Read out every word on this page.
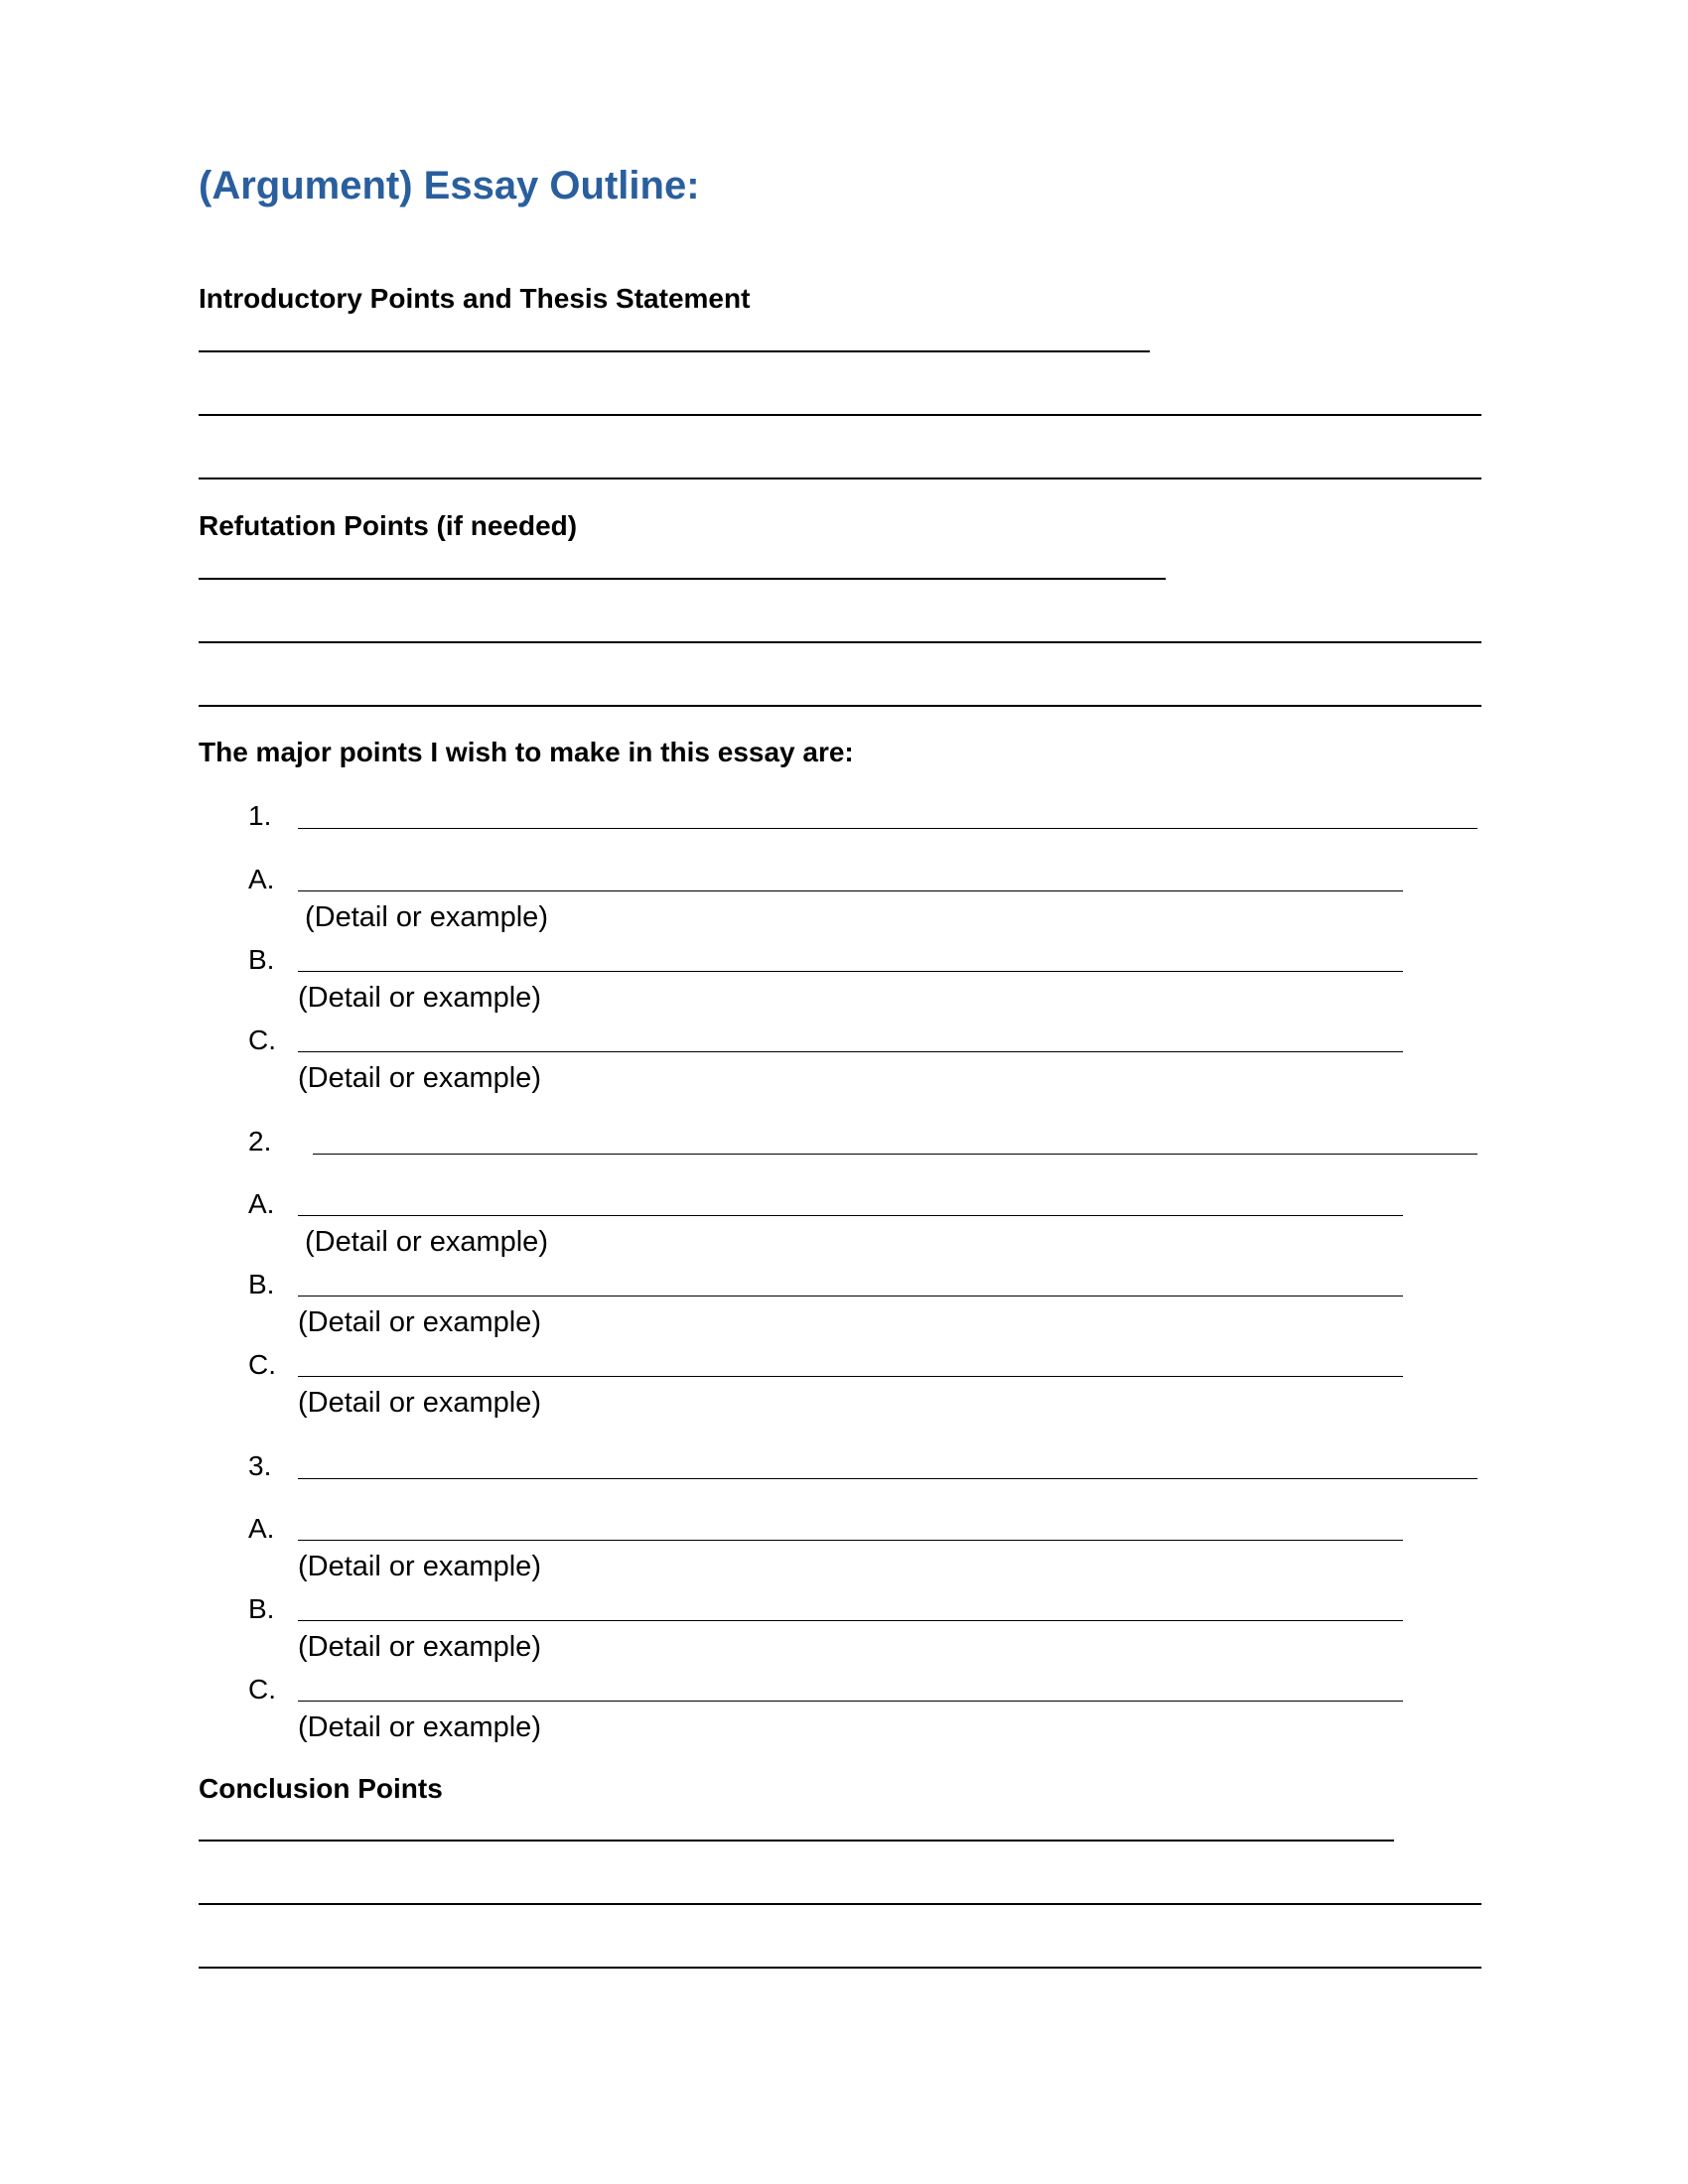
(Argument) Essay Outline:
Introductory Points and Thesis Statement
Refutation Points (if needed)
The major points I wish to make in this essay are:
1.
A.
(Detail or example)
B.
(Detail or example)
C.
(Detail or example)
2.
A.
(Detail or example)
B.
(Detail or example)
C.
(Detail or example)
3.
A.
(Detail or example)
B.
(Detail or example)
C.
(Detail or example)
Conclusion Points
